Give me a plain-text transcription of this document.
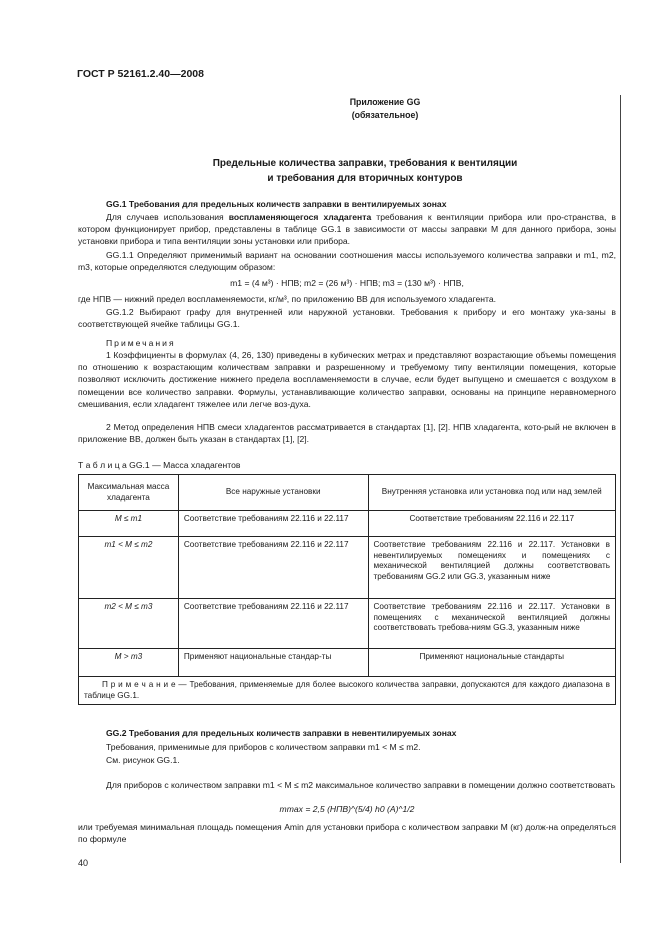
ГОСТ Р 52161.2.40—2008
Приложение GG
(обязательное)
Предельные количества заправки, требования к вентиляции
и требования для вторичных контуров
GG.1 Требования для предельных количеств заправки в вентилируемых зонах
Для случаев использования воспламеняющегося хладагента требования к вентиляции прибора или про-странства, в котором функционирует прибор, представлены в таблице GG.1 в зависимости от массы заправки M для данного прибора, зоны установки прибора и типа вентиляции зоны установки или прибора.
GG.1.1 Определяют применимый вариант на основании соотношения массы используемого количества заправки и m1, m2, m3, которые определяются следующим образом:
m1 = (4 м³) · НПВ; m2 = (26 м³) · НПВ; m3 = (130 м³) · НПВ,
где НПВ — нижний предел воспламеняемости, кг/м³, по приложению ВВ для используемого хладагента.
GG.1.2 Выбирают графу для внутренней или наружной установки. Требования к прибору и его монтажу ука-заны в соответствующей ячейке таблицы GG.1.
Примечания
1 Коэффициенты в формулах (4, 26, 130) приведены в кубических метрах и представляют возрастающие объемы помещения по отношению к возрастающим количествам заправки и разрешенному и требуемому типу вентиляции помещения, которые позволяют исключить достижение нижнего предела воспламеняемости в случае, если будет выпущено и смешается с воздухом в помещении все количество заправки. Формулы, устанавливающие количество заправки, основаны на принципе неравномерного смешивания, если хладагент тяжелее или легче воз-духа.
2 Метод определения НПВ смеси хладагентов рассматривается в стандартах [1], [2]. НПВ хладагента, кото-рый не включен в приложение ВВ, должен быть указан в стандартах [1], [2].
Т а б л и ц а GG.1 — Масса хладагентов
Максимальная масса хладагента	Все наружные установки	Внутренняя установка или установка под или над землей
M ≤ m1	Соответствие требованиям 22.116 и 22.117	Соответствие требованиям 22.116 и 22.117
m1 < M ≤ m2	Соответствие требованиям 22.116 и 22.117	Соответствие требованиям 22.116 и 22.117. Установки в невентилируемых помещениях и помещениях с механической вентиляцией должны соответствовать требованиям GG.2 или GG.3, указанным ниже
m2 < M ≤ m3	Соответствие требованиям 22.116 и 22.117	Соответствие требованиям 22.116 и 22.117. Установки в помещениях с механической вентиляцией должны соответствовать требова-ниям GG.3, указанным ниже
M > m3	Применяют национальные стандар-ты	Применяют национальные стандарты
П р и м е ч а н и е — Требования, применяемые для более высокого количества заправки, допускаются для каждого диапазона в таблице GG.1.		
GG.2 Требования для предельных количеств заправки в невентилируемых зонах
Требования, применимые для приборов с количеством заправки m1 < M ≤ m2.
См. рисунок GG.1.
Для приборов с количеством заправки m1 < M ≤ m2 максимальное количество заправки в помещении должно соответствовать
mmax = 2,5 (НПВ)^(5/4) h0 (A)^1/2
или требуемая минимальная площадь помещения Amin для установки прибора с количеством заправки M (кг) долж-на определяться по формуле
40
